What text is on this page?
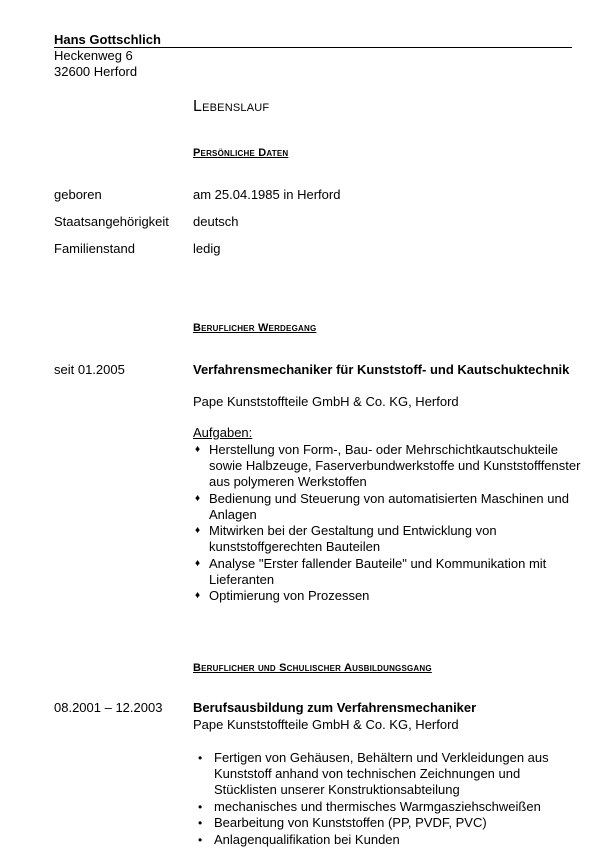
Hans Gottschlich
Heckenweg 6
32600 Herford
Lebenslauf
Persönliche Daten
geboren	am 25.04.1985 in Herford
Staatsangehörigkeit deutsch
Familienstand	ledig
Beruflicher Werdegang
seit 01.2005	Verfahrensmechaniker für Kunststoff- und Kautschuktechnik
Pape Kunststoffteile GmbH & Co. KG, Herford
Aufgaben:
♦ Herstellung von Form-, Bau- oder Mehrschichtkautschukteile sowie Halbzeuge, Faserverbundwerkstoffe und Kunststofffenster aus polymeren Werkstoffen
♦ Bedienung und Steuerung von automatisierten Maschinen und Anlagen
♦ Mitwirken bei der Gestaltung und Entwicklung von kunststoffgerechten Bauteilen
♦ Analyse "Erster fallender Bauteile" und Kommunikation mit Lieferanten
♦ Optimierung von Prozessen
Beruflicher und Schulischer Ausbildungsgang
08.2001 – 12.2003 Berufsausbildung zum Verfahrensmechaniker
Pape Kunststoffteile GmbH & Co. KG, Herford
• Fertigen von Gehäusen, Behältern und Verkleidungen aus Kunststoff anhand von technischen Zeichnungen und Stücklisten unserer Konstruktionsabteilung
• mechanisches und thermisches Warmgasziehschweißen
• Bearbeitung von Kunststoffen (PP, PVDF, PVC)
• Anlagenqualifikation bei Kunden
